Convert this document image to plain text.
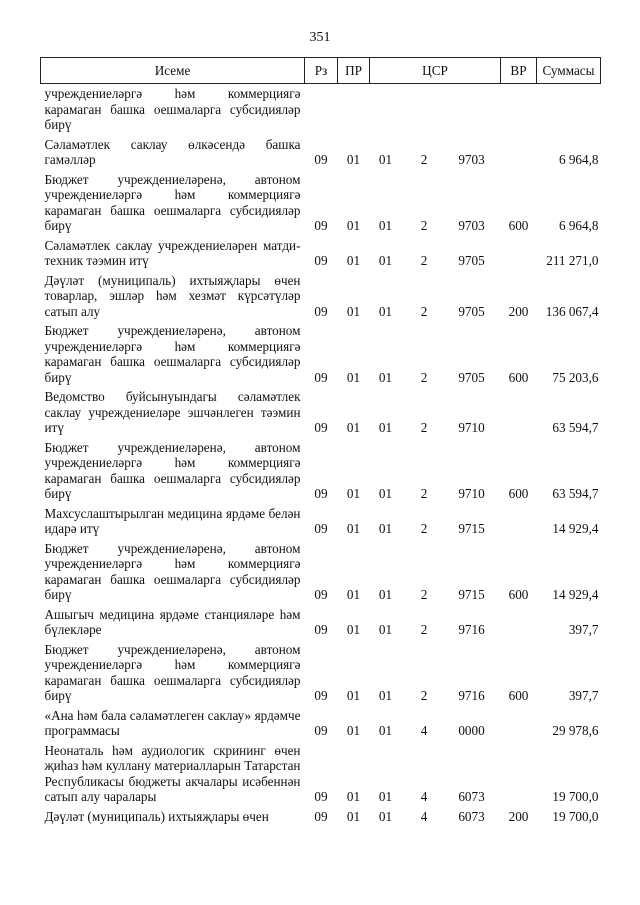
351
Исеме	Рз	ПР	ЦСР	ВР	Суммасы
учреждениеләргә һәм коммерциягә карамаган башка оешмаларга субсидияләр бирү			

Сәламәтлек саклау өлкәсендә башка гамәлләр	09	01	01 2 9703		6 964,8
Бюджет учреждениеләренә, автоном учреждениеләргә һәм коммерциягә карамаган башка оешмаларга субсидияләр бирү	09	01	01 2 9703	600	6 964,8
Сәламәтлек саклау учреждениеләрен матди-техник тәэмин итү	09	01	01 2 9705		211 271,0
Дәүләт (муниципаль) ихтыяҗлары өчен товарлар, эшләр һәм хезмәт күрсәтүләр сатып алу	09	01	01 2 9705	200	136 067,4
Бюджет учреждениеләренә, автоном учреждениеләргә һәм коммерциягә карамаган башка оешмаларга субсидияләр бирү	09	01	01 2 9705	600	75 203,6
Ведомство буйсынуындагы сәламәтлек саклау учреждениеләре эшчәнлеген тәэмин итү	09	01	01 2 9710		63 594,7
Бюджет учреждениеләренә, автоном учреждениеләргә һәм коммерциягә карамаган башка оешмаларга субсидияләр бирү	09	01	01 2 9710	600	63 594,7
Махсуслаштырылган медицина ярдәме белән идарә итү	09	01	01 2 9715		14 929,4
Бюджет учреждениеләренә, автоном учреждениеләргә һәм коммерциягә карамаган башка оешмаларга субсидияләр бирү	09	01	01 2 9715	600	14 929,4
Ашыгыч медицина ярдәме станцияләре һәм бүлекләре	09	01	01 2 9716		397,7
Бюджет учреждениеләренә, автоном учреждениеләргә һәм коммерциягә карамаган башка оешмаларга субсидияләр бирү	09	01	01 2 9716	600	397,7
«Ана һәм бала сәламәтлеген саклау» ярдәмче программасы	09	01	01 4 0000		29 978,6
Неонаталь һәм аудиологик скрининг өчен җиһаз һәм куллану материалларын Татарстан Республикасы бюджеты акчалары исәбеннән сатып алу чаралары	09	01	01 4 6073		19 700,0
Дәүләт (муниципаль) ихтыяҗлары өчен	09	01	01 4 6073	200	19 700,0
